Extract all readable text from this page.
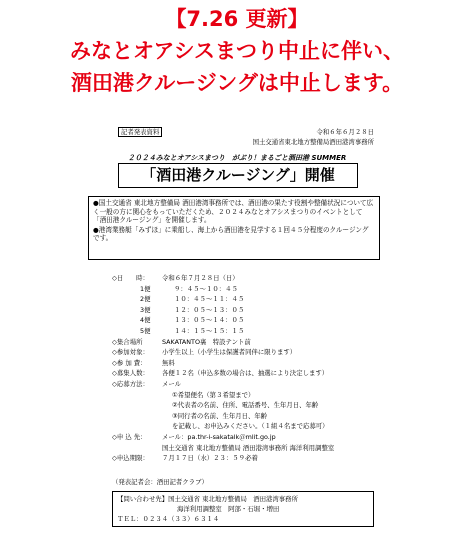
【7.26 更新】
みなとオアシスまつり中止に伴い、
酒田港クルージングは中止します。
記者発表資料	令和６年６月２８日
国土交通省東北地方整備局酒田港湾事務所
２０２４みなとオアシスまつり　がぶり！まるごと酒田港 SUMMER
「酒田港クルージング」開催

●国土交通省 東北地方整備局 酒田港湾事務所では、酒田港の果たす役割や整備状況について広く一般の方に関心をもっていただくため、２０２４みなとオアシスまつりのイベントとして「酒田港クルージング」を開催します。

●港湾業務艇「みずほ」に乗船し、海上から酒田港を見学する１回４５分程度のクルージングです。

◇日　　時： 令和６年７月２８日（日）
1便	９：４５～１０：４５
2便	１０：４５～１１：４５
3便	１２：０５～１３：０５
4便	１３：０５～１４：０５
5便	１４：１５～１５：１５
◇集合場所	SAKATANTO裏　特設テント前
◇参加対象： 小学生以上（小学生は保護者同伴に限ります）
◇参 加 費： 無料
◇募集人数： 各便１２名（申込多数の場合は、抽選により決定します）
◇応募方法： メール
①希望便名（第３希望まで）
②代表者の名前、住所、電話番号、生年月日、年齢
③同行者の名前、生年月日、年齢
を記載し、お申込みください。（１組４名まで応募可）
◇申 込 先： メール：pa.thr-i-sakatalk＠mlit.go.jp
国土交通省 東北地方整備局 酒田港湾事務所 海洋利用調整室
◇申込期限： ７月１７日（水）２３：５９必着
（発表記者会：酒田記者クラブ）
【問い合わせ先】国土交通省 東北地方整備局　酒田港湾事務所
海洋利用調整室　阿部・石堀・増田
ＴＥＬ：０２３４（３３）６３１４
